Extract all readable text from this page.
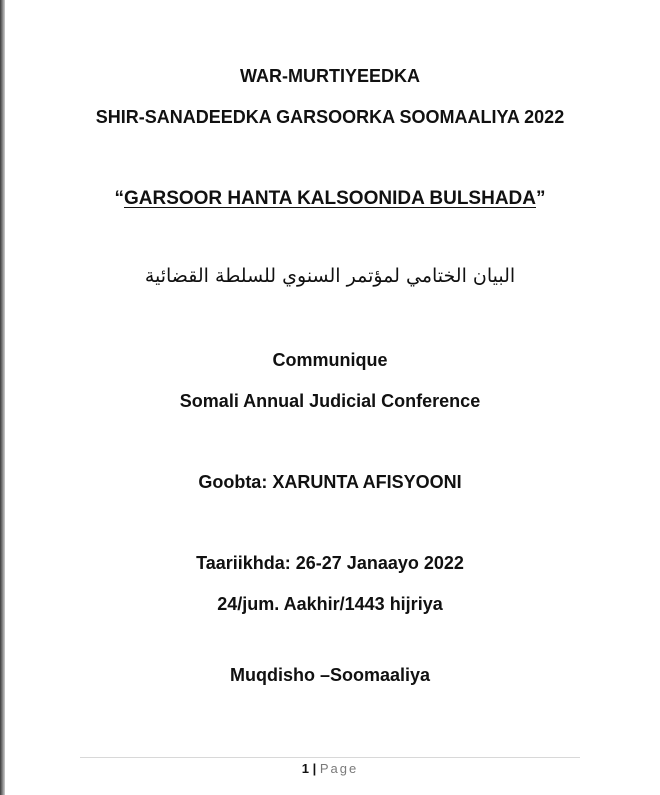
WAR-MURTIYEEDKA
SHIR-SANADEEDKA GARSOORKA SOOMAALIYA 2022
“GARSOOR HANTA KALSOONIDA BULSHADA”
البيان الختامي لمؤتمر السنوي للسلطة القضائية
Communique
Somali Annual Judicial Conference
Goobta: XARUNTA AFISYOONI
Taariikhda: 26-27 Janaayo 2022
24/jum. Aakhir/1443 hijriya
Muqdisho –Soomaaliya
1 | Page
